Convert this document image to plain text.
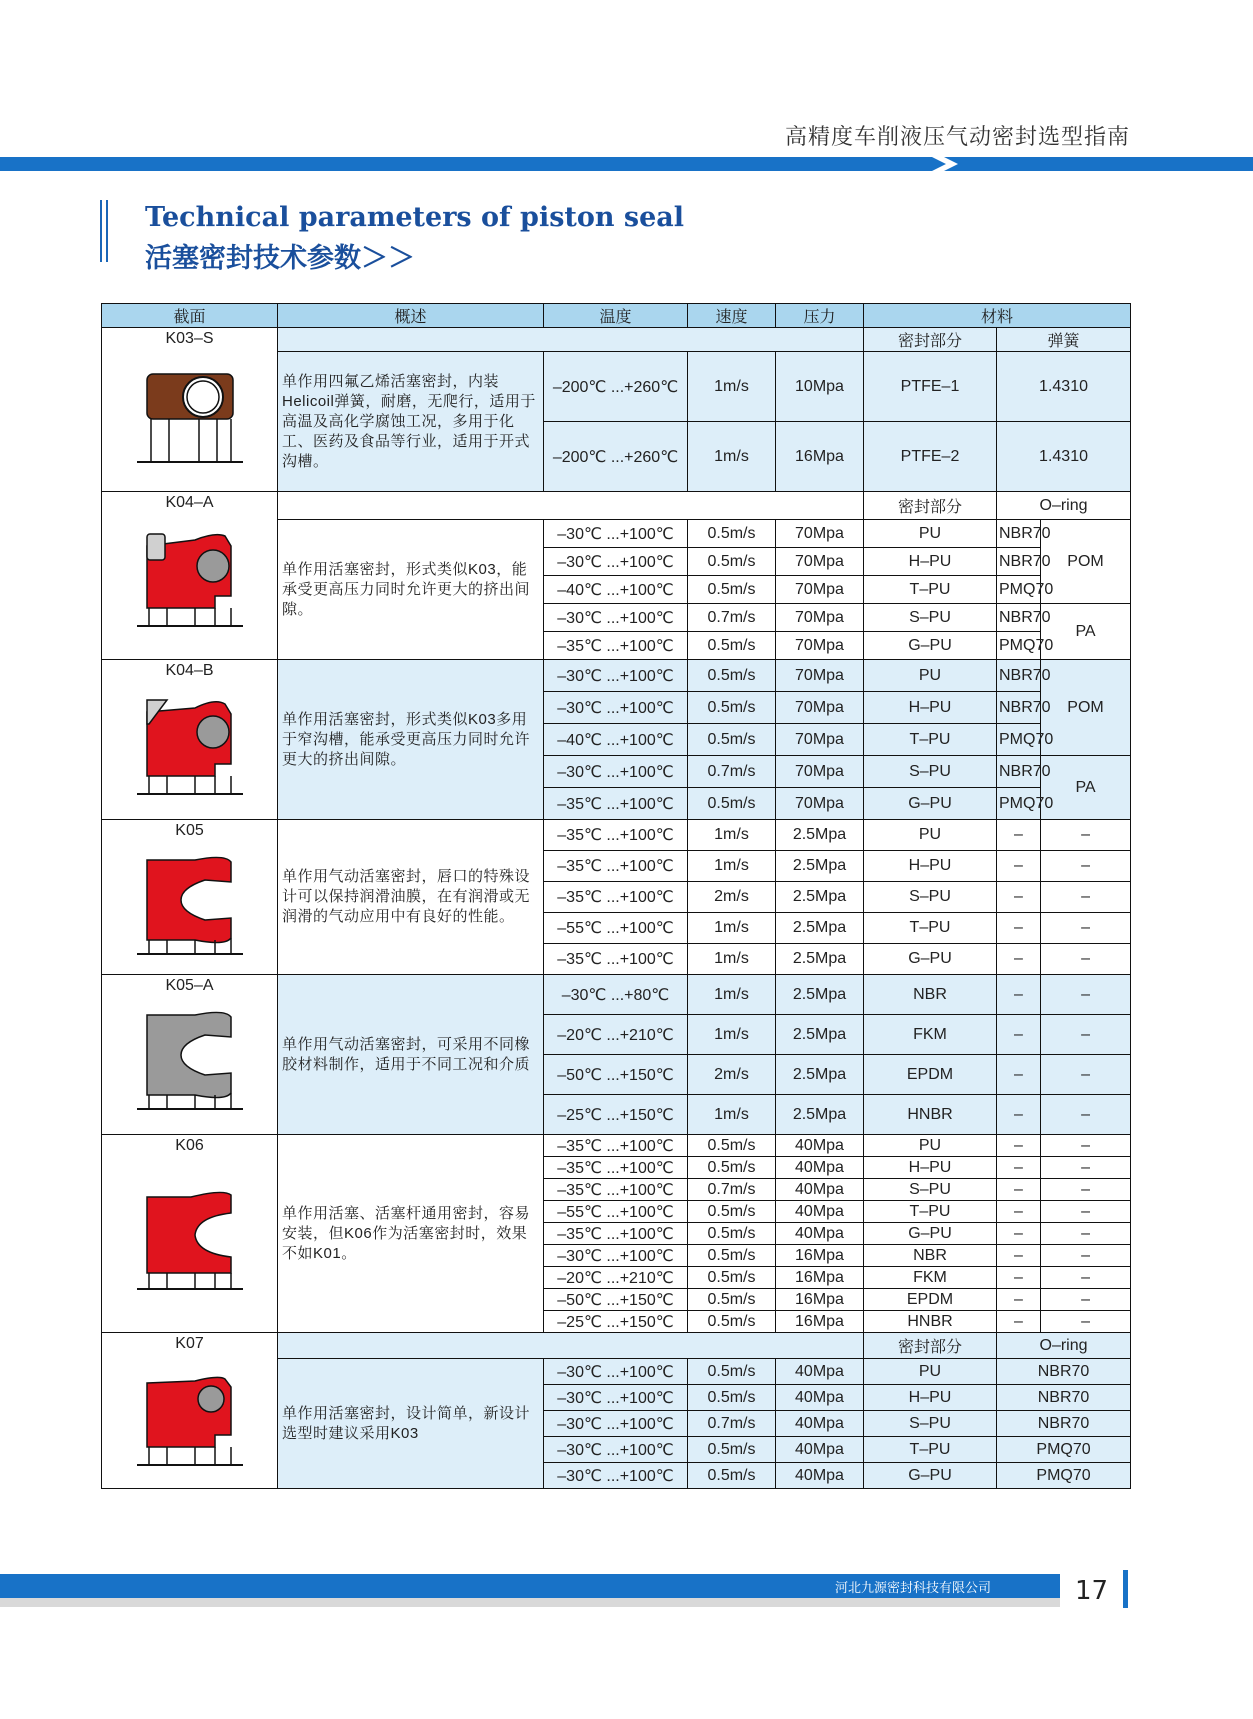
高精度车削液压气动密封选型指南
Technical parameters of piston seal
活塞密封技术参数＞＞
截面	概述	温度	速度	压力	材料		

K03–S					密封部分	弹簧	
	单作用四氟乙烯活塞密封，内装Helicoil弹簧，耐磨，无爬行，适用于高温及高化学腐蚀工况，多用于化工、医药及食品等行业，适用于开式沟槽。	–200℃ ...+260℃	1m/s	10Mpa	PTFE–1	1.4310	
		–200℃ ...+260℃	1m/s	16Mpa	PTFE–2	1.4310	

K04–A					密封部分	O–ring	
	单作用活塞密封，形式类似K03，能承受更高压力同时允许更大的挤出间隙。	–30℃ ...+100℃	0.5m/s	70Mpa	PU	NBR70	POM
		–30℃ ...+100℃	0.5m/s	70Mpa	H–PU	NBR70	
		–40℃ ...+100℃	0.5m/s	70Mpa	T–PU	PMQ70	
		–30℃ ...+100℃	0.7m/s	70Mpa	S–PU	NBR70	PA
		–35℃ ...+100℃	0.5m/s	70Mpa	G–PU	PMQ70	

K04–B	单作用活塞密封，形式类似K03多用于窄沟槽，能承受更高压力同时允许更大的挤出间隙。	–30℃ ...+100℃	0.5m/s	70Mpa	PU	NBR70	POM
		–30℃ ...+100℃	0.5m/s	70Mpa	H–PU	NBR70	
		–40℃ ...+100℃	0.5m/s	70Mpa	T–PU	PMQ70	
		–30℃ ...+100℃	0.7m/s	70Mpa	S–PU	NBR70	PA
		–35℃ ...+100℃	0.5m/s	70Mpa	G–PU	PMQ70	

K05	单作用气动活塞密封，唇口的特殊设计可以保持润滑油膜，在有润滑或无润滑的气动应用中有良好的性能。	–35℃ ...+100℃	1m/s	2.5Mpa	PU	–	–
		–35℃ ...+100℃	1m/s	2.5Mpa	H–PU	–	–
		–35℃ ...+100℃	2m/s	2.5Mpa	S–PU	–	–
		–55℃ ...+100℃	1m/s	2.5Mpa	T–PU	–	–
		–35℃ ...+100℃	1m/s	2.5Mpa	G–PU	–	–

K05–A	单作用气动活塞密封，可采用不同橡胶材料制作，适用于不同工况和介质	–30℃ ...+80℃	1m/s	2.5Mpa	NBR	–	–
		–20℃ ...+210℃	1m/s	2.5Mpa	FKM	–	–
		–50℃ ...+150℃	2m/s	2.5Mpa	EPDM	–	–
		–25℃ ...+150℃	1m/s	2.5Mpa	HNBR	–	–

K06	单作用活塞、活塞杆通用密封，容易安装，但K06作为活塞密封时，效果不如K01。	–35℃ ...+100℃	0.5m/s	40Mpa	PU	–	–
		–35℃ ...+100℃	0.5m/s	40Mpa	H–PU	–	–
		–35℃ ...+100℃	0.7m/s	40Mpa	S–PU	–	–
		–55℃ ...+100℃	0.5m/s	40Mpa	T–PU	–	–
		–35℃ ...+100℃	0.5m/s	40Mpa	G–PU	–	–
		–30℃ ...+100℃	0.5m/s	16Mpa	NBR	–	–
		–20℃ ...+210℃	0.5m/s	16Mpa	FKM	–	–
		–50℃ ...+150℃	0.5m/s	16Mpa	EPDM	–	–
		–25℃ ...+150℃	0.5m/s	16Mpa	HNBR	–	–

K07					密封部分	O–ring	
	单作用活塞密封，设计简单，新设计选型时建议采用K03	–30℃ ...+100℃	0.5m/s	40Mpa	PU	NBR70	
		–30℃ ...+100℃	0.5m/s	40Mpa	H–PU	NBR70	
		–30℃ ...+100℃	0.7m/s	40Mpa	S–PU	NBR70	
		–30℃ ...+100℃	0.5m/s	40Mpa	T–PU	PMQ70	
		–30℃ ...+100℃	0.5m/s	40Mpa	G–PU	PMQ70	
河北九源密封科技有限公司	17
